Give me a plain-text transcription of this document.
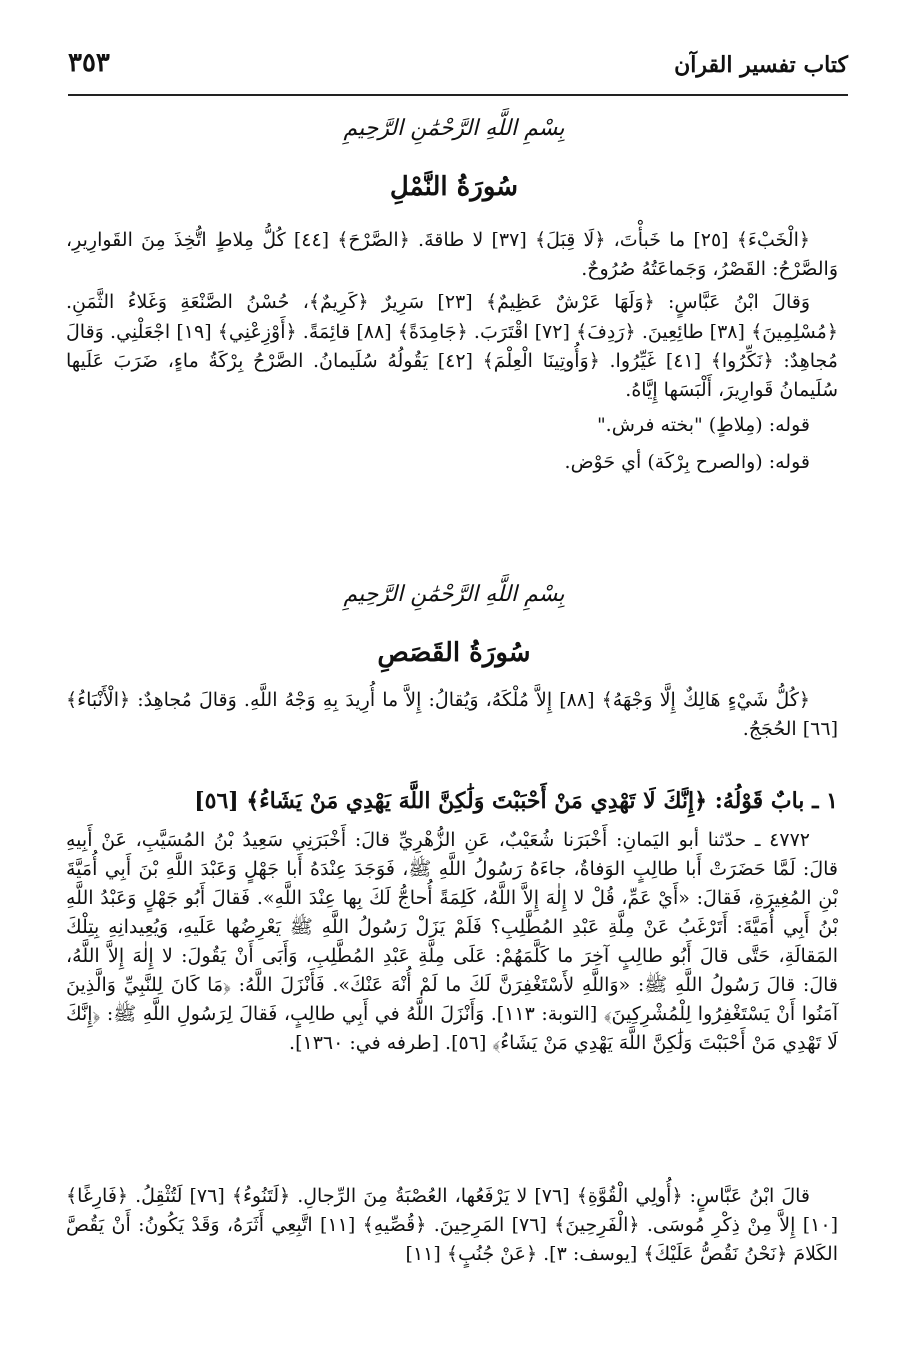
كتاب تفسير القرآن
٣٥٣
بِسْمِ اللَّهِ الرَّحْمَٰنِ الرَّحِيمِ
سُورَةُ النَّمْلِ

﴿الْخَبْءَ﴾ [٢٥] ما خَبأْتَ، ﴿لَا قِبَلَ﴾ [٣٧] لا طاقةَ. ﴿الصَّرْحَ﴾ [٤٤] كُلُّ مِلاطٍ اتُّخِذَ مِنَ القَوارِيرِ، وَالصَّرْحُ: القَصْرُ، وَجَماعَتُهُ صُرُوحٌ.

وَقالَ ابْنُ عَبَّاسٍ: ﴿وَلَهَا عَرْشٌ عَظِيمٌ﴾ [٢٣] سَرِيرٌ ﴿كَرِيمٌ﴾، حُسْنُ الصَّنْعَةِ وَغَلاءُ الثَّمَنِ. ﴿مُسْلِمِينَ﴾ [٣٨] طائِعِينَ. ﴿رَدِفَ﴾ [٧٢] اقْتَرَبَ. ﴿جَامِدَةً﴾ [٨٨] قائِمَةً. ﴿أَوْزِعْنِي﴾ [١٩] اجْعَلْنِي. وَقالَ مُجاهِدٌ: ﴿نَكِّرُوا﴾ [٤١] غَيِّرُوا. ﴿وَأُوتِينَا الْعِلْمَ﴾ [٤٢] يَقُولُهُ سُلَيمانُ. الصَّرْحُ بِرْكَةُ ماءٍ، ضَرَبَ عَلَيها سُلَيمانُ قَوارِيرَ، أَلْبَسَها إِيَّاهُ.

قوله: (مِلاطٍ) "بخته فرش."

قوله: (والصرح بِرْكَة) أي حَوْض.

بِسْمِ اللَّهِ الرَّحْمَٰنِ الرَّحِيمِ
سُورَةُ القَصَصِ

﴿كُلُّ شَيْءٍ هَالِكٌ إِلَّا وَجْهَهُ﴾ [٨٨] إِلاَّ مُلْكَهُ، وَيُقالُ: إِلاَّ ما أُرِيدَ بِهِ وَجْهُ اللَّهِ. وَقالَ مُجاهِدٌ: ﴿الْأَنْبَاءُ﴾ [٦٦] الحُجَجُ.

١ ـ بابٌ قَوْلُهُ: ﴿إِنَّكَ لَا تَهْدِي مَنْ أَحْبَبْتَ وَلَٰكِنَّ اللَّهَ يَهْدِي مَنْ يَشَاءُ﴾ [٥٦]

٤٧٧٢ ـ حدّثنا أبو اليَمانِ: أَخْبَرَنا شُعَيْبٌ، عَنِ الزُّهْرِيِّ قالَ: أَخْبَرَنِي سَعِيدُ بْنُ المُسَيَّبِ، عَنْ أَبِيهِ قالَ: لَمَّا حَضَرَتْ أَبا طالِبٍ الوَفاةُ، جاءَهُ رَسُولُ اللَّهِ ﷺ، فَوَجَدَ عِنْدَهُ أَبا جَهْلٍ وَعَبْدَ اللَّهِ بْنَ أَبِي أُمَيَّةَ بْنِ المُغِيرَةِ، فَقالَ: «أَيْ عَمِّ، قُلْ لا إِلٰهَ إِلاَّ اللَّهُ، كَلِمَةً أُحاجُّ لَكَ بِها عِنْدَ اللَّهِ». فَقالَ أَبُو جَهْلٍ وَعَبْدُ اللَّهِ بْنُ أَبِي أُمَيَّةَ: أَتَرْغَبُ عَنْ مِلَّةِ عَبْدِ المُطَّلِبِ؟ فَلَمْ يَزَلْ رَسُولُ اللَّهِ ﷺ يَعْرِضُها عَلَيهِ، وَيُعِيدانِهِ بِتِلْكَ المَقالَةِ، حَتَّى قالَ أَبُو طالِبٍ آخِرَ ما كَلَّمَهُمْ: عَلَى مِلَّةِ عَبْدِ المُطَّلِبِ، وَأَبَى أَنْ يَقُولَ: لا إِلٰهَ إِلاَّ اللَّهُ، قالَ: قالَ رَسُولُ اللَّهِ ﷺ: «وَاللَّهِ لأَسْتَغْفِرَنَّ لَكَ ما لَمْ أُنْهَ عَنْكَ». فَأَنْزَلَ اللَّهُ: ﴿مَا كَانَ لِلنَّبِيِّ وَالَّذِينَ آمَنُوا أَنْ يَسْتَغْفِرُوا لِلْمُشْرِكِينَ﴾ [التوبة: ١١٣]. وَأَنْزَلَ اللَّهُ في أَبِي طالِبٍ، فَقالَ لِرَسُولِ اللَّهِ ﷺ: ﴿إِنَّكَ لَا تَهْدِي مَنْ أَحْبَبْتَ وَلَٰكِنَّ اللَّهَ يَهْدِي مَنْ يَشَاءُ﴾ [٥٦]. [طرفه في: ١٣٦٠].

قالَ ابْنُ عَبَّاسٍ: ﴿أُولِي الْقُوَّةِ﴾ [٧٦] لا يَرْفَعُها، العُصْبَةُ مِنَ الرِّجالِ. ﴿لَتَنُوءُ﴾ [٧٦] لَتُثْقِلُ. ﴿فَارِغًا﴾ [١٠] إِلاَّ مِنْ ذِكْرِ مُوسَى. ﴿الْفَرِحِينَ﴾ [٧٦] المَرِحِينَ. ﴿قُصِّيهِ﴾ [١١] اتَّبِعِي أَثَرَهُ، وَقَدْ يَكُونُ: أَنْ يَقُصَّ الكَلامَ ﴿نَحْنُ نَقُصُّ عَلَيْكَ﴾ [يوسف: ٣]. ﴿عَنْ جُنُبٍ﴾ [١١]
